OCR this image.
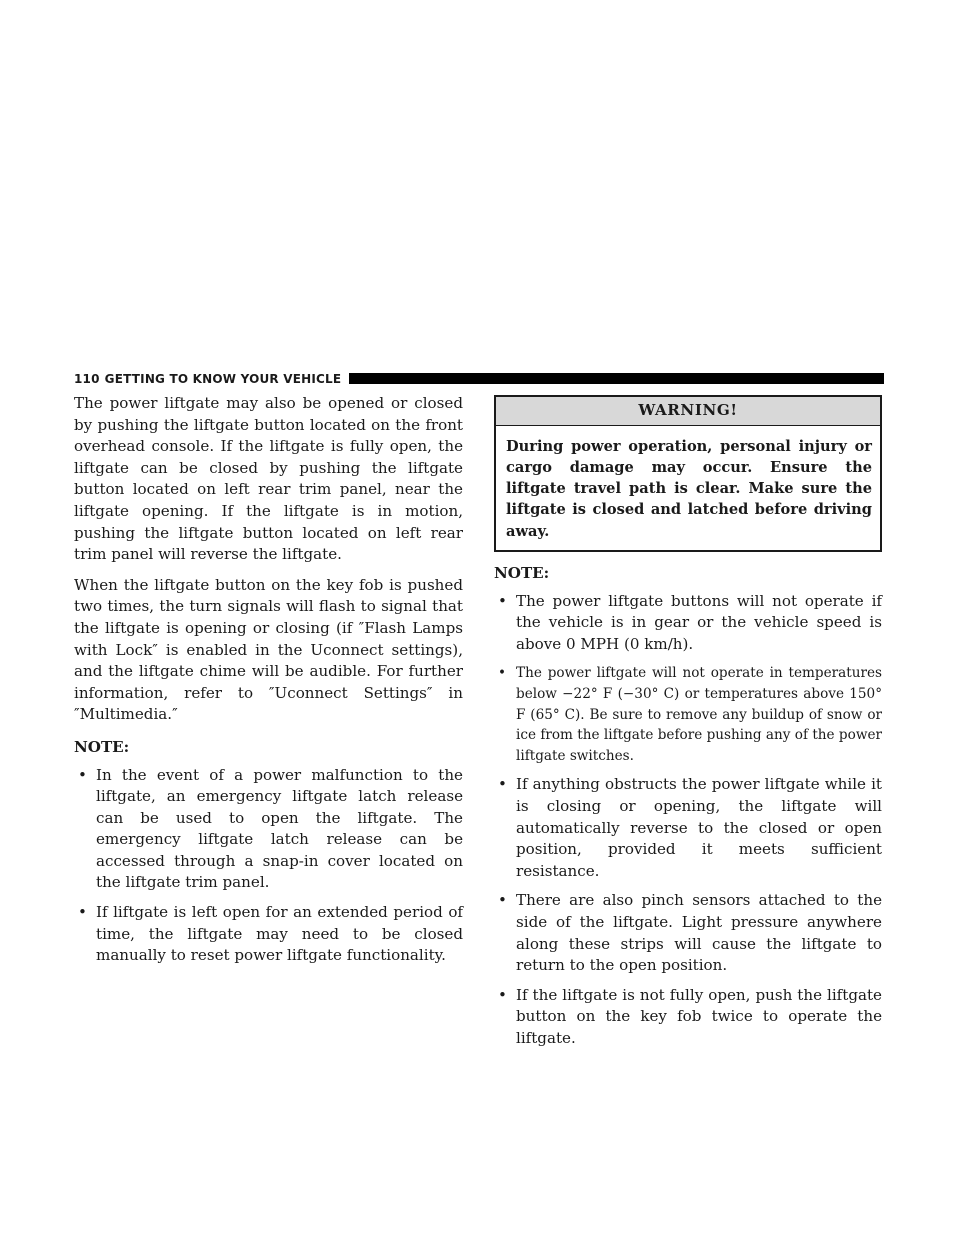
110 GETTING TO KNOW YOUR VEHICLE

The power liftgate may also be opened or closed by pushing the liftgate button located on the front overhead console. If the liftgate is fully open, the liftgate can be closed by pushing the liftgate button located on left rear trim panel, near the liftgate opening. If the liftgate is in motion, pushing the liftgate button located on left rear trim panel will reverse the liftgate.

When the liftgate button on the key fob is pushed two times, the turn signals will flash to signal that the liftgate is opening or closing (if ″Flash Lamps with Lock″ is enabled in the Uconnect settings), and the liftgate chime will be audible. For further information, refer to ″Uconnect Settings″ in ″Multimedia.″

NOTE:
• In the event of a power malfunction to the liftgate, an emergency liftgate latch release can be used to open the liftgate. The emergency liftgate latch release can be accessed through a snap-in cover located on the liftgate trim panel.
• If liftgate is left open for an extended period of time, the liftgate may need to be closed manually to reset power liftgate functionality.
WARNING!
During power operation, personal injury or cargo damage may occur. Ensure the liftgate travel path is clear. Make sure the liftgate is closed and latched before driving away.
NOTE:
• The power liftgate buttons will not operate if the vehicle is in gear or the vehicle speed is above 0 MPH (0 km/h).
• The power liftgate will not operate in temperatures below −22° F (−30° C) or temperatures above 150° F (65° C). Be sure to remove any buildup of snow or ice from the liftgate before pushing any of the power liftgate switches.
• If anything obstructs the power liftgate while it is closing or opening, the liftgate will automatically reverse to the closed or open position, provided it meets sufficient resistance.
• There are also pinch sensors attached to the side of the liftgate. Light pressure anywhere along these strips will cause the liftgate to return to the open position.
• If the liftgate is not fully open, push the liftgate button on the key fob twice to operate the liftgate.
